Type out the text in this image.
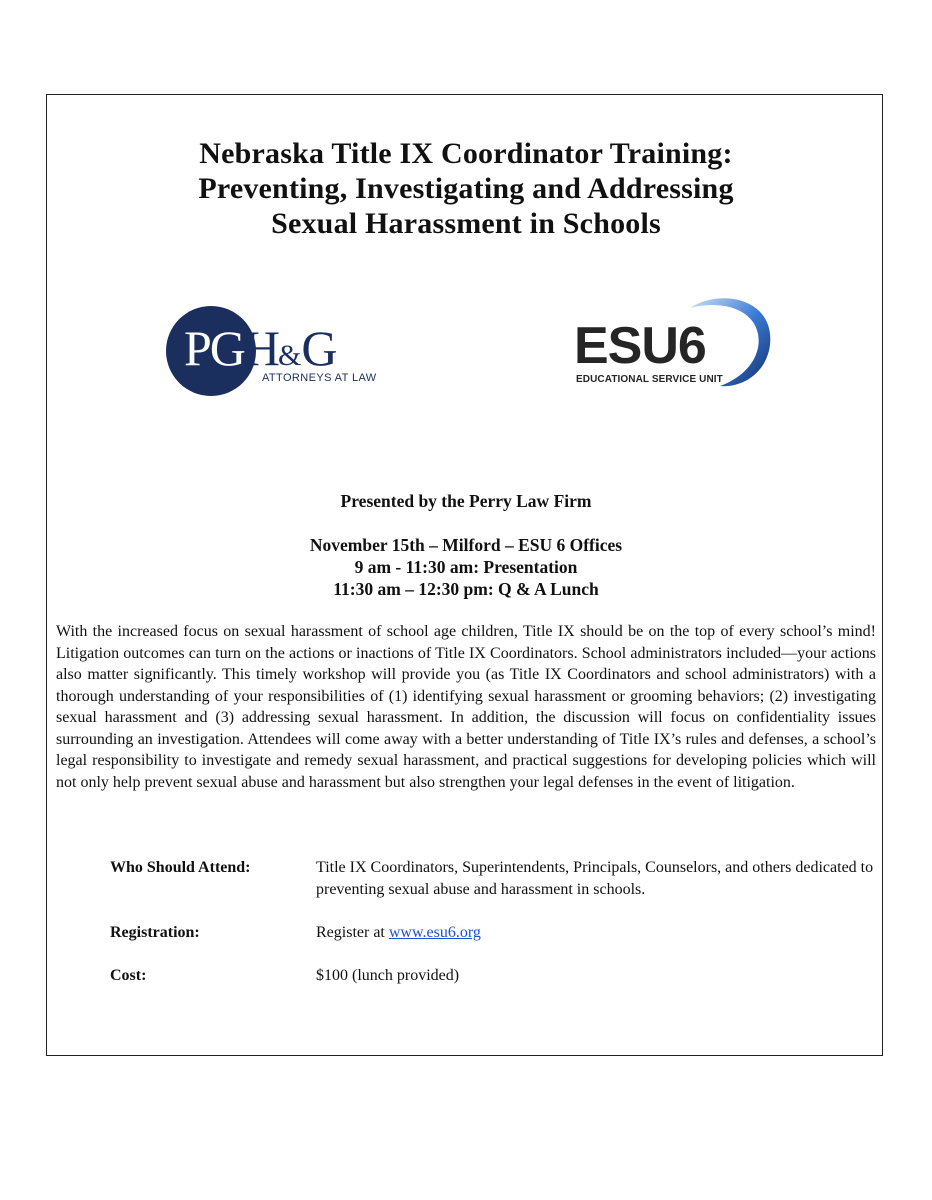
Nebraska Title IX Coordinator Training:
Preventing, Investigating and Addressing
Sexual Harassment in Schools
PGH&G
ATTORNEYS AT LAW
ESU6
EDUCATIONAL SERVICE UNIT
Presented by the Perry Law Firm
November 15th – Milford – ESU 6 Offices
9 am - 11:30 am: Presentation
11:30 am – 12:30 pm: Q & A Lunch
With the increased focus on sexual harassment of school age children, Title IX should be on the top of every school’s mind! Litigation outcomes can turn on the actions or inactions of Title IX Coordinators. School administrators included—your actions also matter significantly. This timely workshop will provide you (as Title IX Coordinators and school administrators) with a thorough understanding of your responsibilities of (1) identifying sexual harassment or grooming behaviors; (2) investigating sexual harassment and (3) addressing sexual harassment. In addition, the discussion will focus on confidentiality issues surrounding an investigation. Attendees will come away with a better understanding of Title IX’s rules and defenses, a school’s legal responsibility to investigate and remedy sexual harassment, and practical suggestions for developing policies which will not only help prevent sexual abuse and harassment but also strengthen your legal defenses in the event of litigation.
Who Should Attend:	Title IX Coordinators, Superintendents, Principals, Counselors, and others dedicated to preventing sexual abuse and harassment in schools.
Registration:	Register at www.esu6.org
Cost:	$100 (lunch provided)
